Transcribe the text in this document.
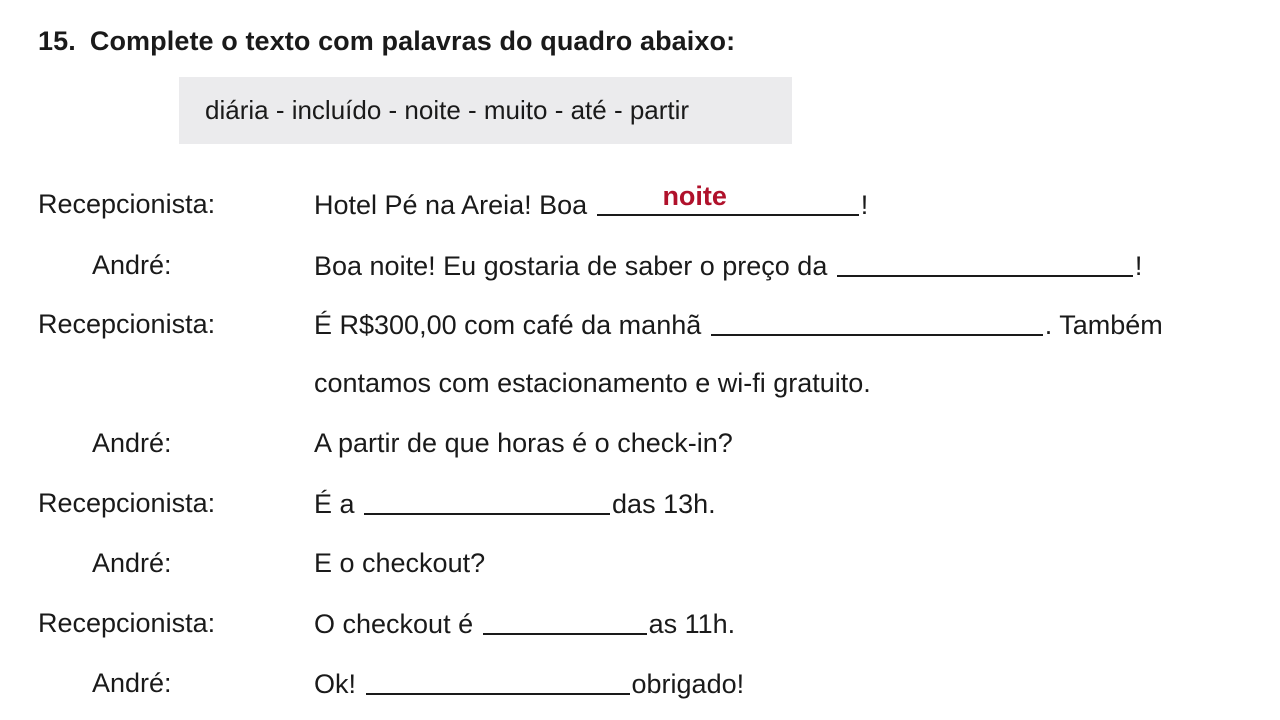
15. Complete o texto com palavras do quadro abaixo:
diária - incluído - noite - muito - até - partir
Recepcionista:	Hotel Pé na Areia! Boa	noite	!
André:	Boa noite! Eu gostaria de saber o preço da	!
Recepcionista:	É R$300,00 com café da manhã	. Também
contamos com estacionamento e wi-fi gratuito.
André:	A partir de que horas é o check-in?
Recepcionista:	É a	das 13h.
André:	E o checkout?
Recepcionista:	O checkout é	as 11h.
André:	Ok!	obrigado!
